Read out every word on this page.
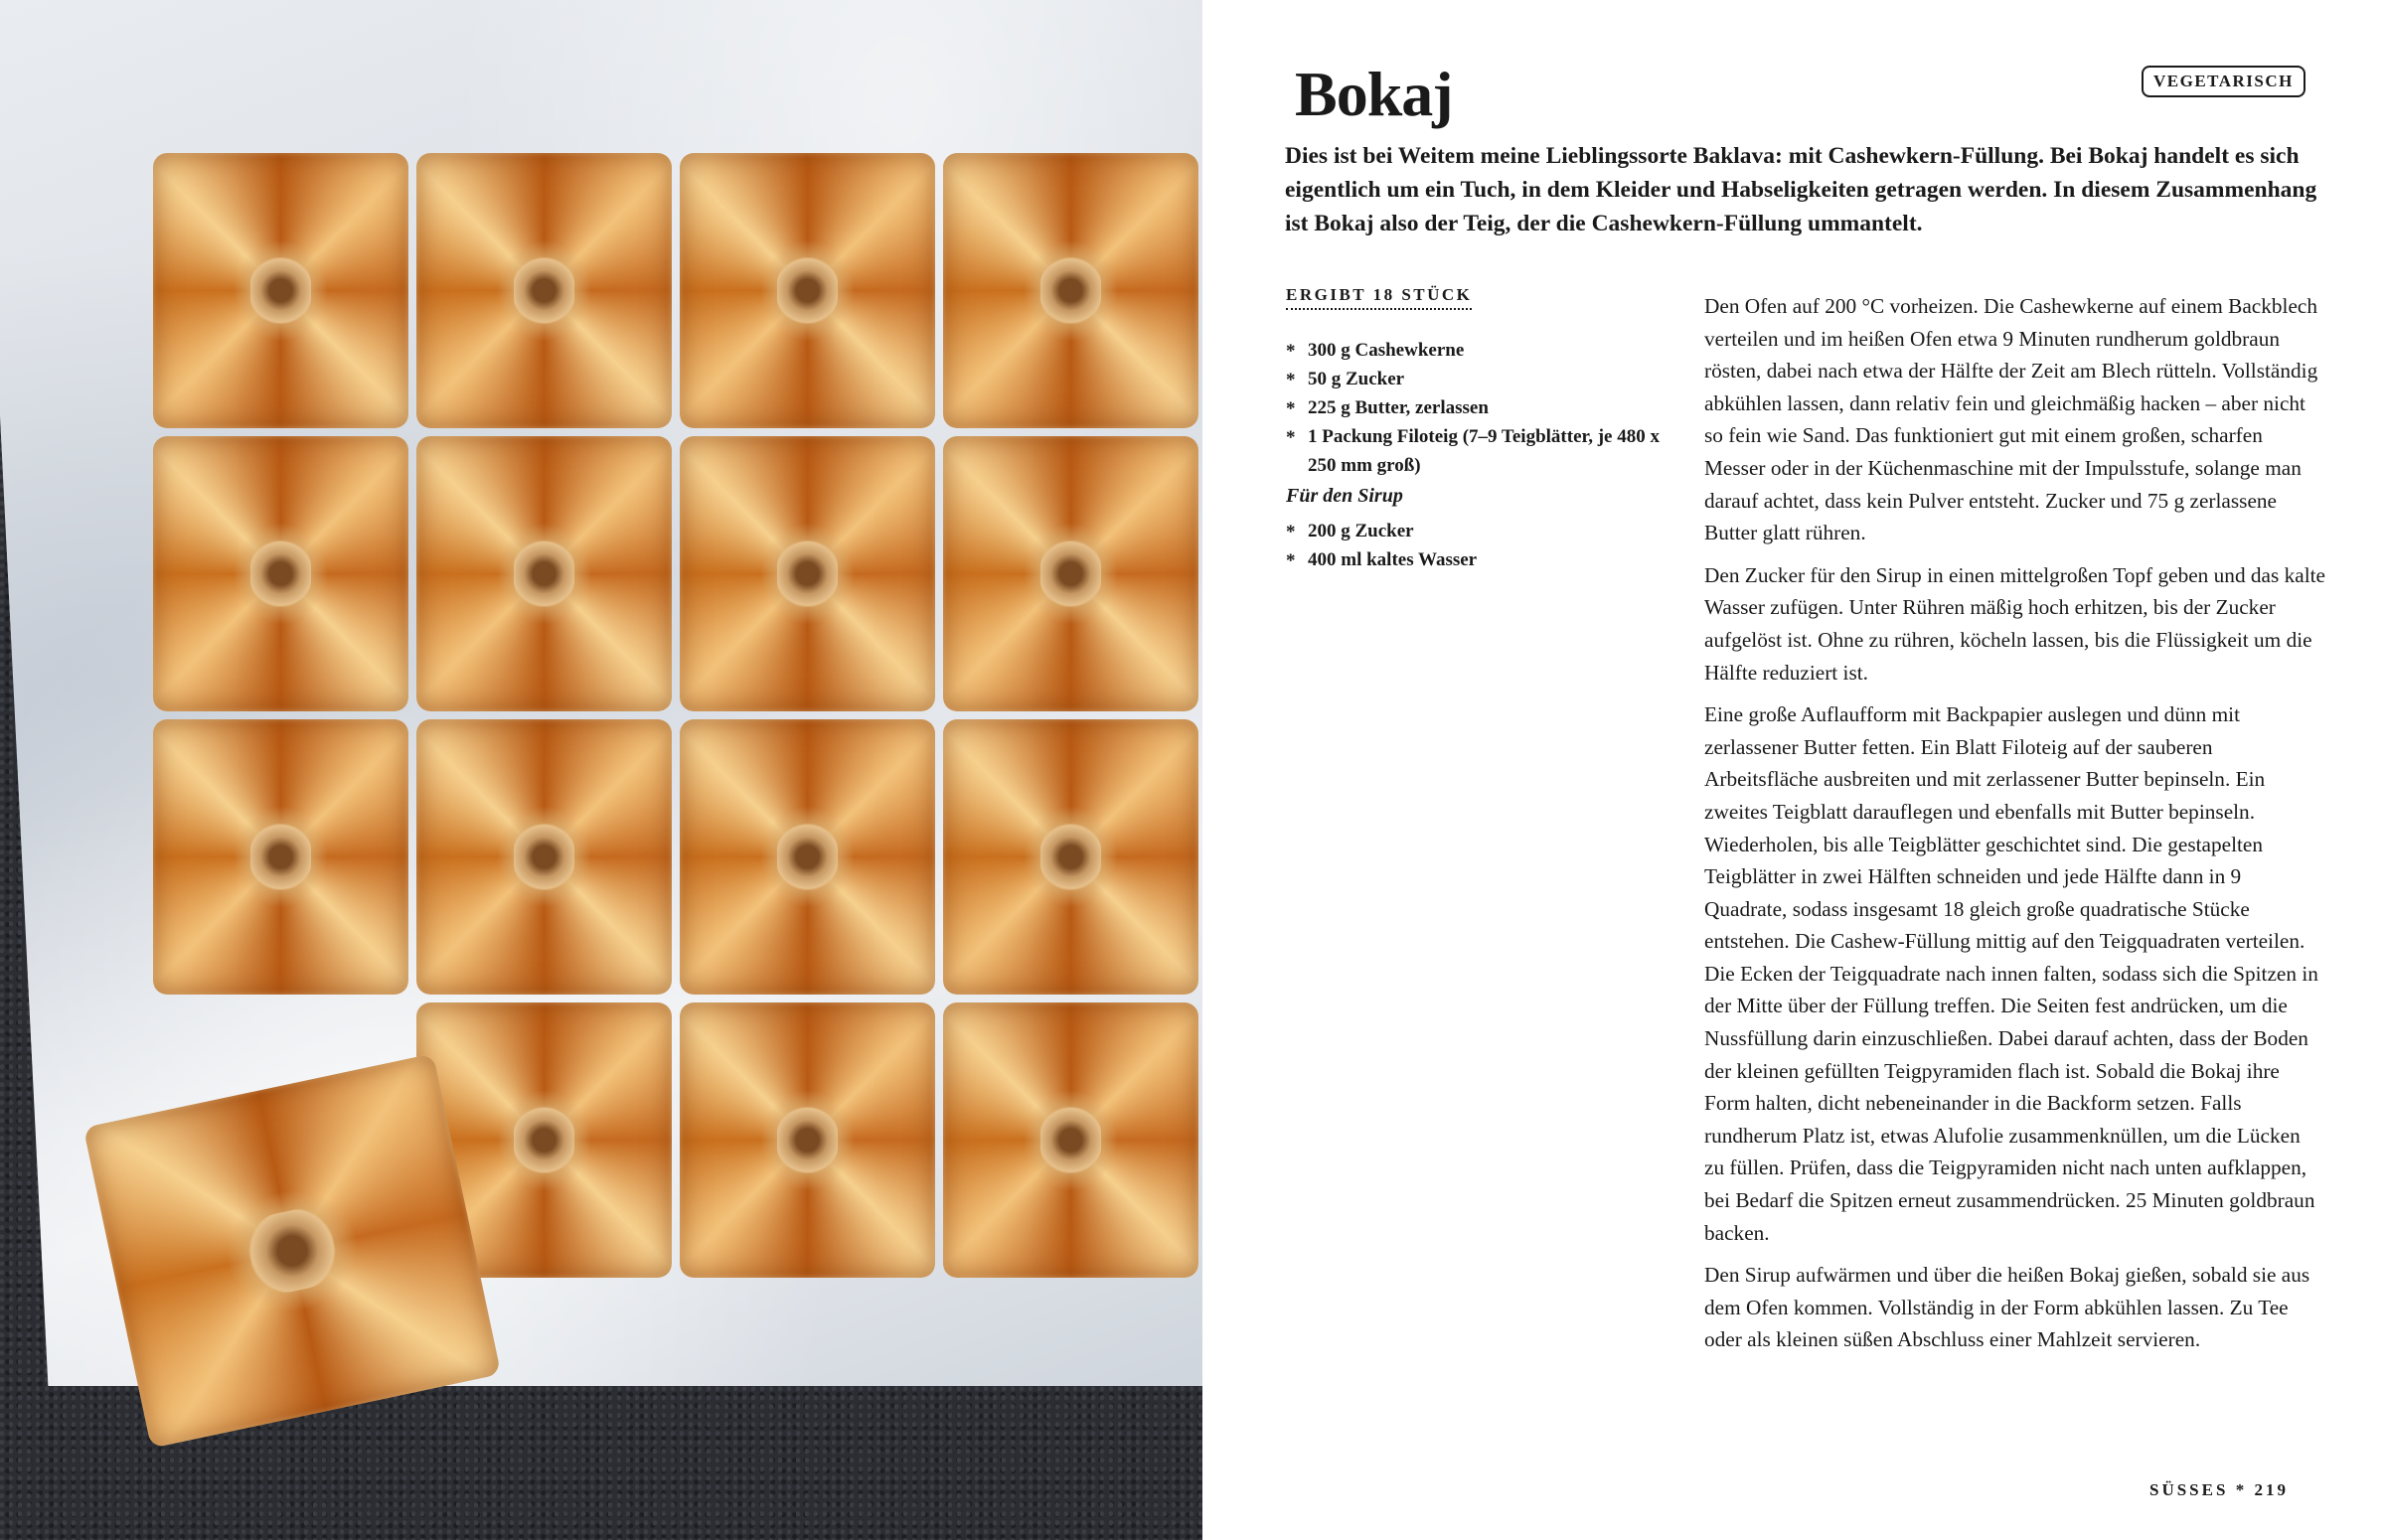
Bokaj	VEGETARISCH

Dies ist bei Weitem meine Lieblingssorte Baklava: mit Cashewkern-Füllung. Bei Bokaj handelt es sich eigentlich um ein Tuch, in dem Kleider und Habseligkeiten getragen werden. In diesem Zusammenhang ist Bokaj also der Teig, der die Cashewkern-Füllung ummantelt.

ERGIBT 18 STÜCK
* 300 g Cashewkerne
* 50 g Zucker
* 225 g Butter, zerlassen
* 1 Packung Filoteig (7–9 Teigblätter, je 480 x 250 mm groß)
Für den Sirup
* 200 g Zucker
* 400 ml kaltes Wasser

Den Ofen auf 200 °C vorheizen. Die Cashewkerne auf einem Backblech verteilen und im heißen Ofen etwa 9 Minuten rundherum goldbraun rösten, dabei nach etwa der Hälfte der Zeit am Blech rütteln. Vollständig abkühlen lassen, dann relativ fein und gleichmäßig hacken – aber nicht so fein wie Sand. Das funktioniert gut mit einem großen, scharfen Messer oder in der Küchenmaschine mit der Impulsstufe, solange man darauf achtet, dass kein Pulver entsteht. Zucker und 75 g zerlassene Butter glatt rühren.

Den Zucker für den Sirup in einen mittelgroßen Topf geben und das kalte Wasser zufügen. Unter Rühren mäßig hoch erhitzen, bis der Zucker aufgelöst ist. Ohne zu rühren, köcheln lassen, bis die Flüssigkeit um die Hälfte reduziert ist.

Eine große Auflaufform mit Backpapier auslegen und dünn mit zerlassener Butter fetten. Ein Blatt Filoteig auf der sauberen Arbeitsfläche ausbreiten und mit zerlassener Butter bepinseln. Ein zweites Teigblatt darauflegen und ebenfalls mit Butter bepinseln. Wiederholen, bis alle Teigblätter geschichtet sind. Die gestapelten Teigblätter in zwei Hälften schneiden und jede Hälfte dann in 9 Quadrate, sodass insgesamt 18 gleich große quadratische Stücke entstehen. Die Cashew-Füllung mittig auf den Teigquadraten verteilen. Die Ecken der Teigquadrate nach innen falten, sodass sich die Spitzen in der Mitte über der Füllung treffen. Die Seiten fest andrücken, um die Nussfüllung darin einzuschließen. Dabei darauf achten, dass der Boden der kleinen gefüllten Teigpyramiden flach ist. Sobald die Bokaj ihre Form halten, dicht nebeneinander in die Backform setzen. Falls rundherum Platz ist, etwas Alufolie zusammenknüllen, um die Lücken zu füllen. Prüfen, dass die Teigpyramiden nicht nach unten aufklappen, bei Bedarf die Spitzen erneut zusammendrücken. 25 Minuten goldbraun backen.

Den Sirup aufwärmen und über die heißen Bokaj gießen, sobald sie aus dem Ofen kommen. Vollständig in der Form abkühlen lassen. Zu Tee oder als kleinen süßen Abschluss einer Mahlzeit servieren.

SÜSSES * 219
